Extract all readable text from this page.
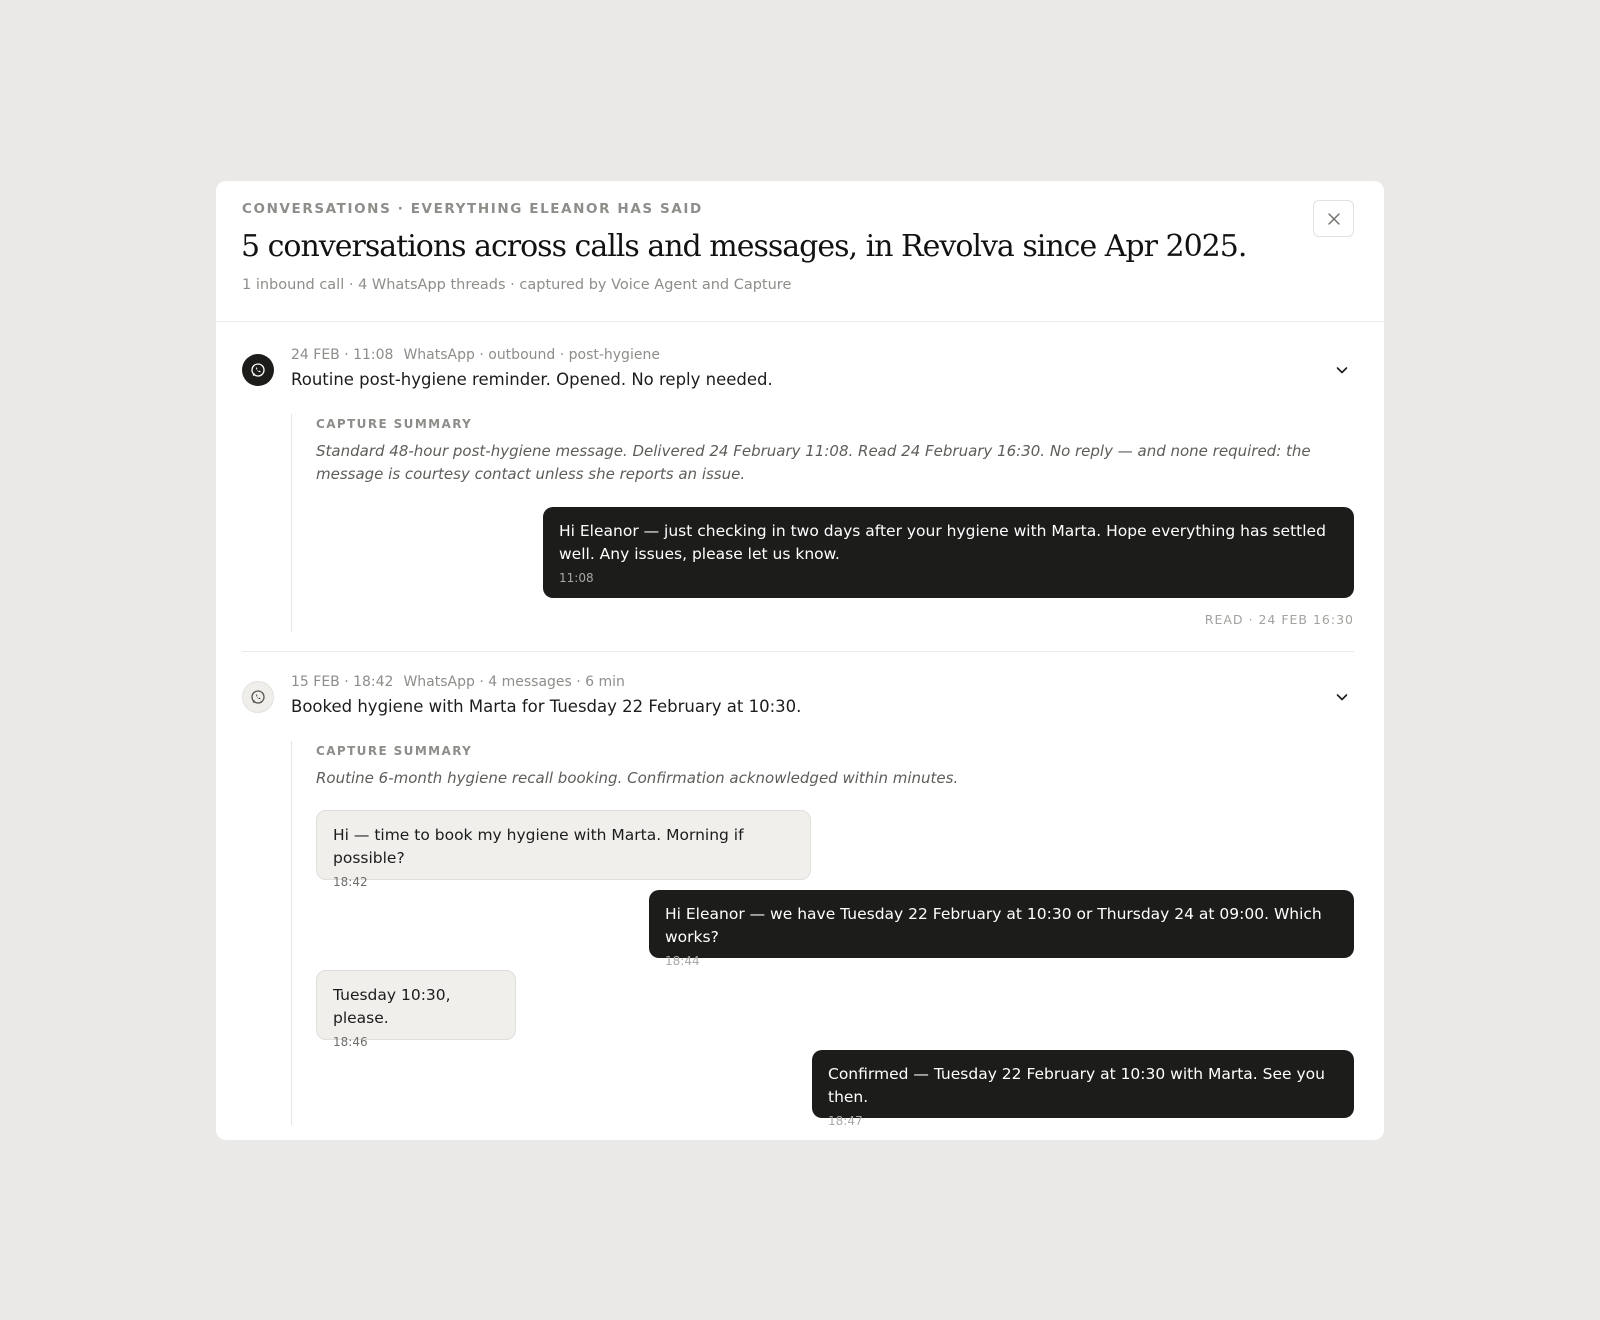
CONVERSATIONS · EVERYTHING ELEANOR HAS SAID
5 conversations across calls and messages, in Revolva since Apr 2025.
1 inbound call · 4 WhatsApp threads · captured by Voice Agent and Capture
24 FEB · 11:08 WhatsApp · outbound · post-hygiene
Routine post-hygiene reminder. Opened. No reply needed.
CAPTURE SUMMARY
Standard 48-hour post-hygiene message. Delivered 24 February 11:08. Read 24 February 16:30. No reply — and none required: the message is courtesy contact unless she reports an issue.
Hi Eleanor — just checking in two days after your hygiene with Marta. Hope everything has settled well. Any issues, please let us know.
11:08
READ · 24 FEB 16:30
15 FEB · 18:42 WhatsApp · 4 messages · 6 min
Booked hygiene with Marta for Tuesday 22 February at 10:30.
CAPTURE SUMMARY
Routine 6-month hygiene recall booking. Confirmation acknowledged within minutes.
Hi — time to book my hygiene with Marta. Morning if possible?
18:42
Hi Eleanor — we have Tuesday 22 February at 10:30 or Thursday 24 at 09:00. Which works?
18:44
Tuesday 10:30, please.
18:46
Confirmed — Tuesday 22 February at 10:30 with Marta. See you then.
18:47
